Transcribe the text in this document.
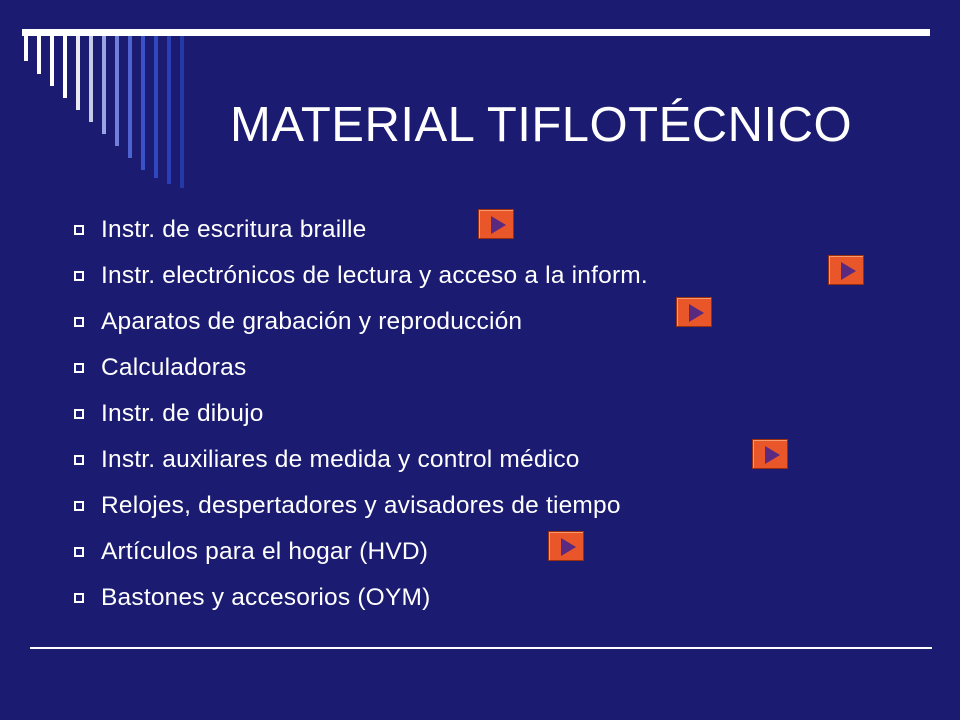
MATERIAL TIFLOTÉCNICO
Instr. de escritura braille
Instr. electrónicos de lectura y acceso a la inform.
Aparatos de grabación y reproducción
Calculadoras
Instr. de dibujo
Instr. auxiliares de medida y control médico
Relojes, despertadores y avisadores de tiempo
Artículos para el hogar (HVD)
Bastones y accesorios (OYM)
